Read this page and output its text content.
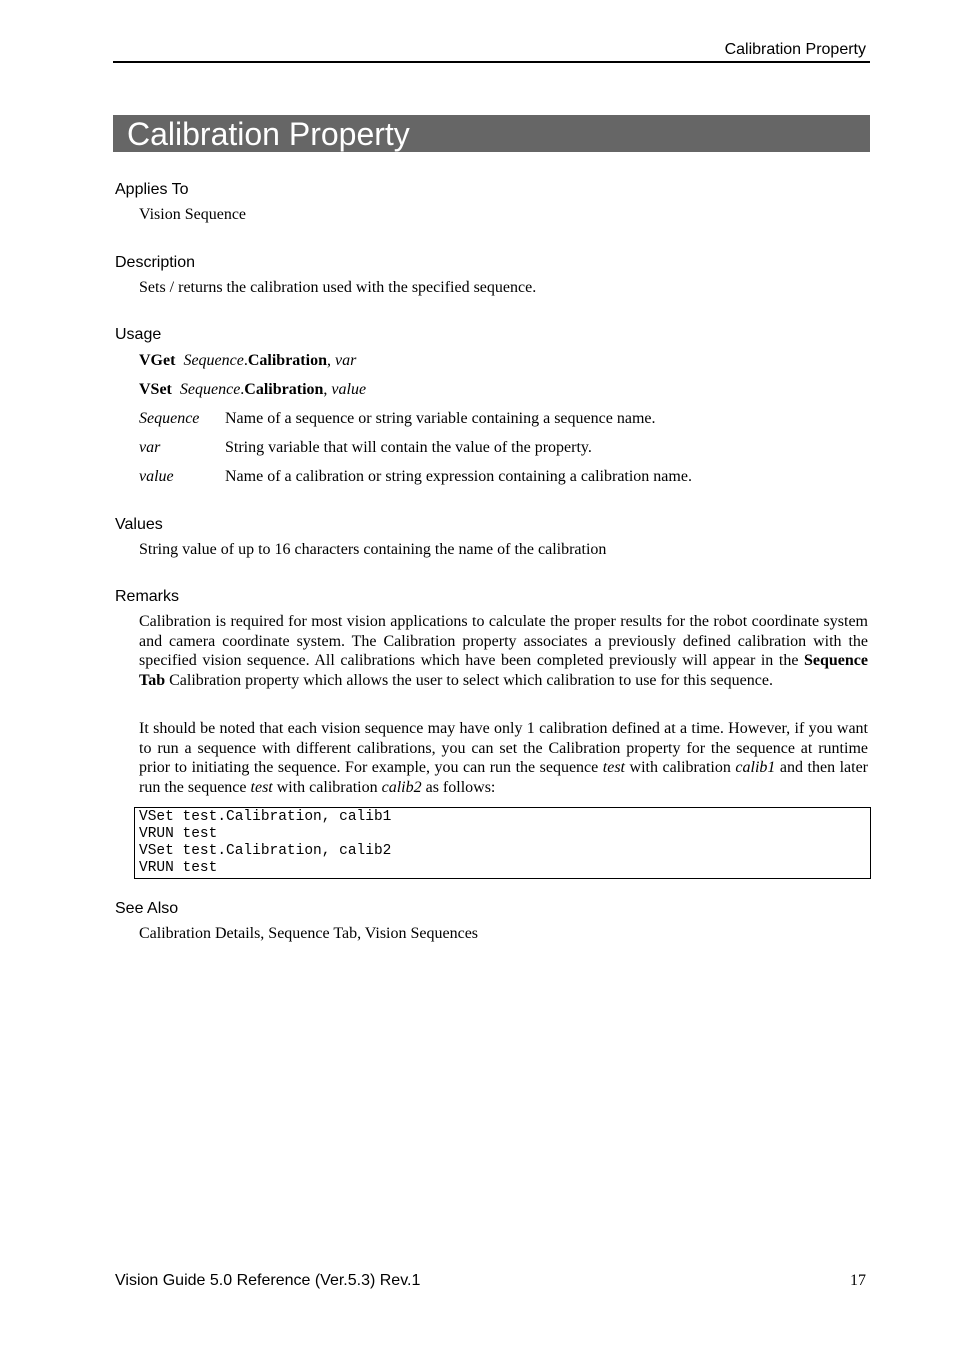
Calibration Property
Calibration Property
Applies To
Vision Sequence
Description
Sets / returns the calibration used with the specified sequence.
Usage
VGet Sequence.Calibration, var
VSet Sequence.Calibration, value
Sequence Name of a sequence or string variable containing a sequence name.
var	String variable that will contain the value of the property.
value	Name of a calibration or string expression containing a calibration name.
Values
String value of up to 16 characters containing the name of the calibration
Remarks
Calibration is required for most vision applications to calculate the proper results for the robot coordinate system and camera coordinate system. The Calibration property associates a previously defined calibration with the specified vision sequence. All calibrations which have been completed previously will appear in the Sequence Tab Calibration property which allows the user to select which calibration to use for this sequence.
It should be noted that each vision sequence may have only 1 calibration defined at a time. However, if you want to run a sequence with different calibrations, you can set the Calibration property for the sequence at runtime prior to initiating the sequence. For example, you can run the sequence test with calibration calib1 and then later run the sequence test with calibration calib2 as follows:
VSet test.Calibration, calib1
VRUN test
VSet test.Calibration, calib2
VRUN test
See Also
Calibration Details, Sequence Tab, Vision Sequences
Vision Guide 5.0 Reference (Ver.5.3) Rev.1	17
